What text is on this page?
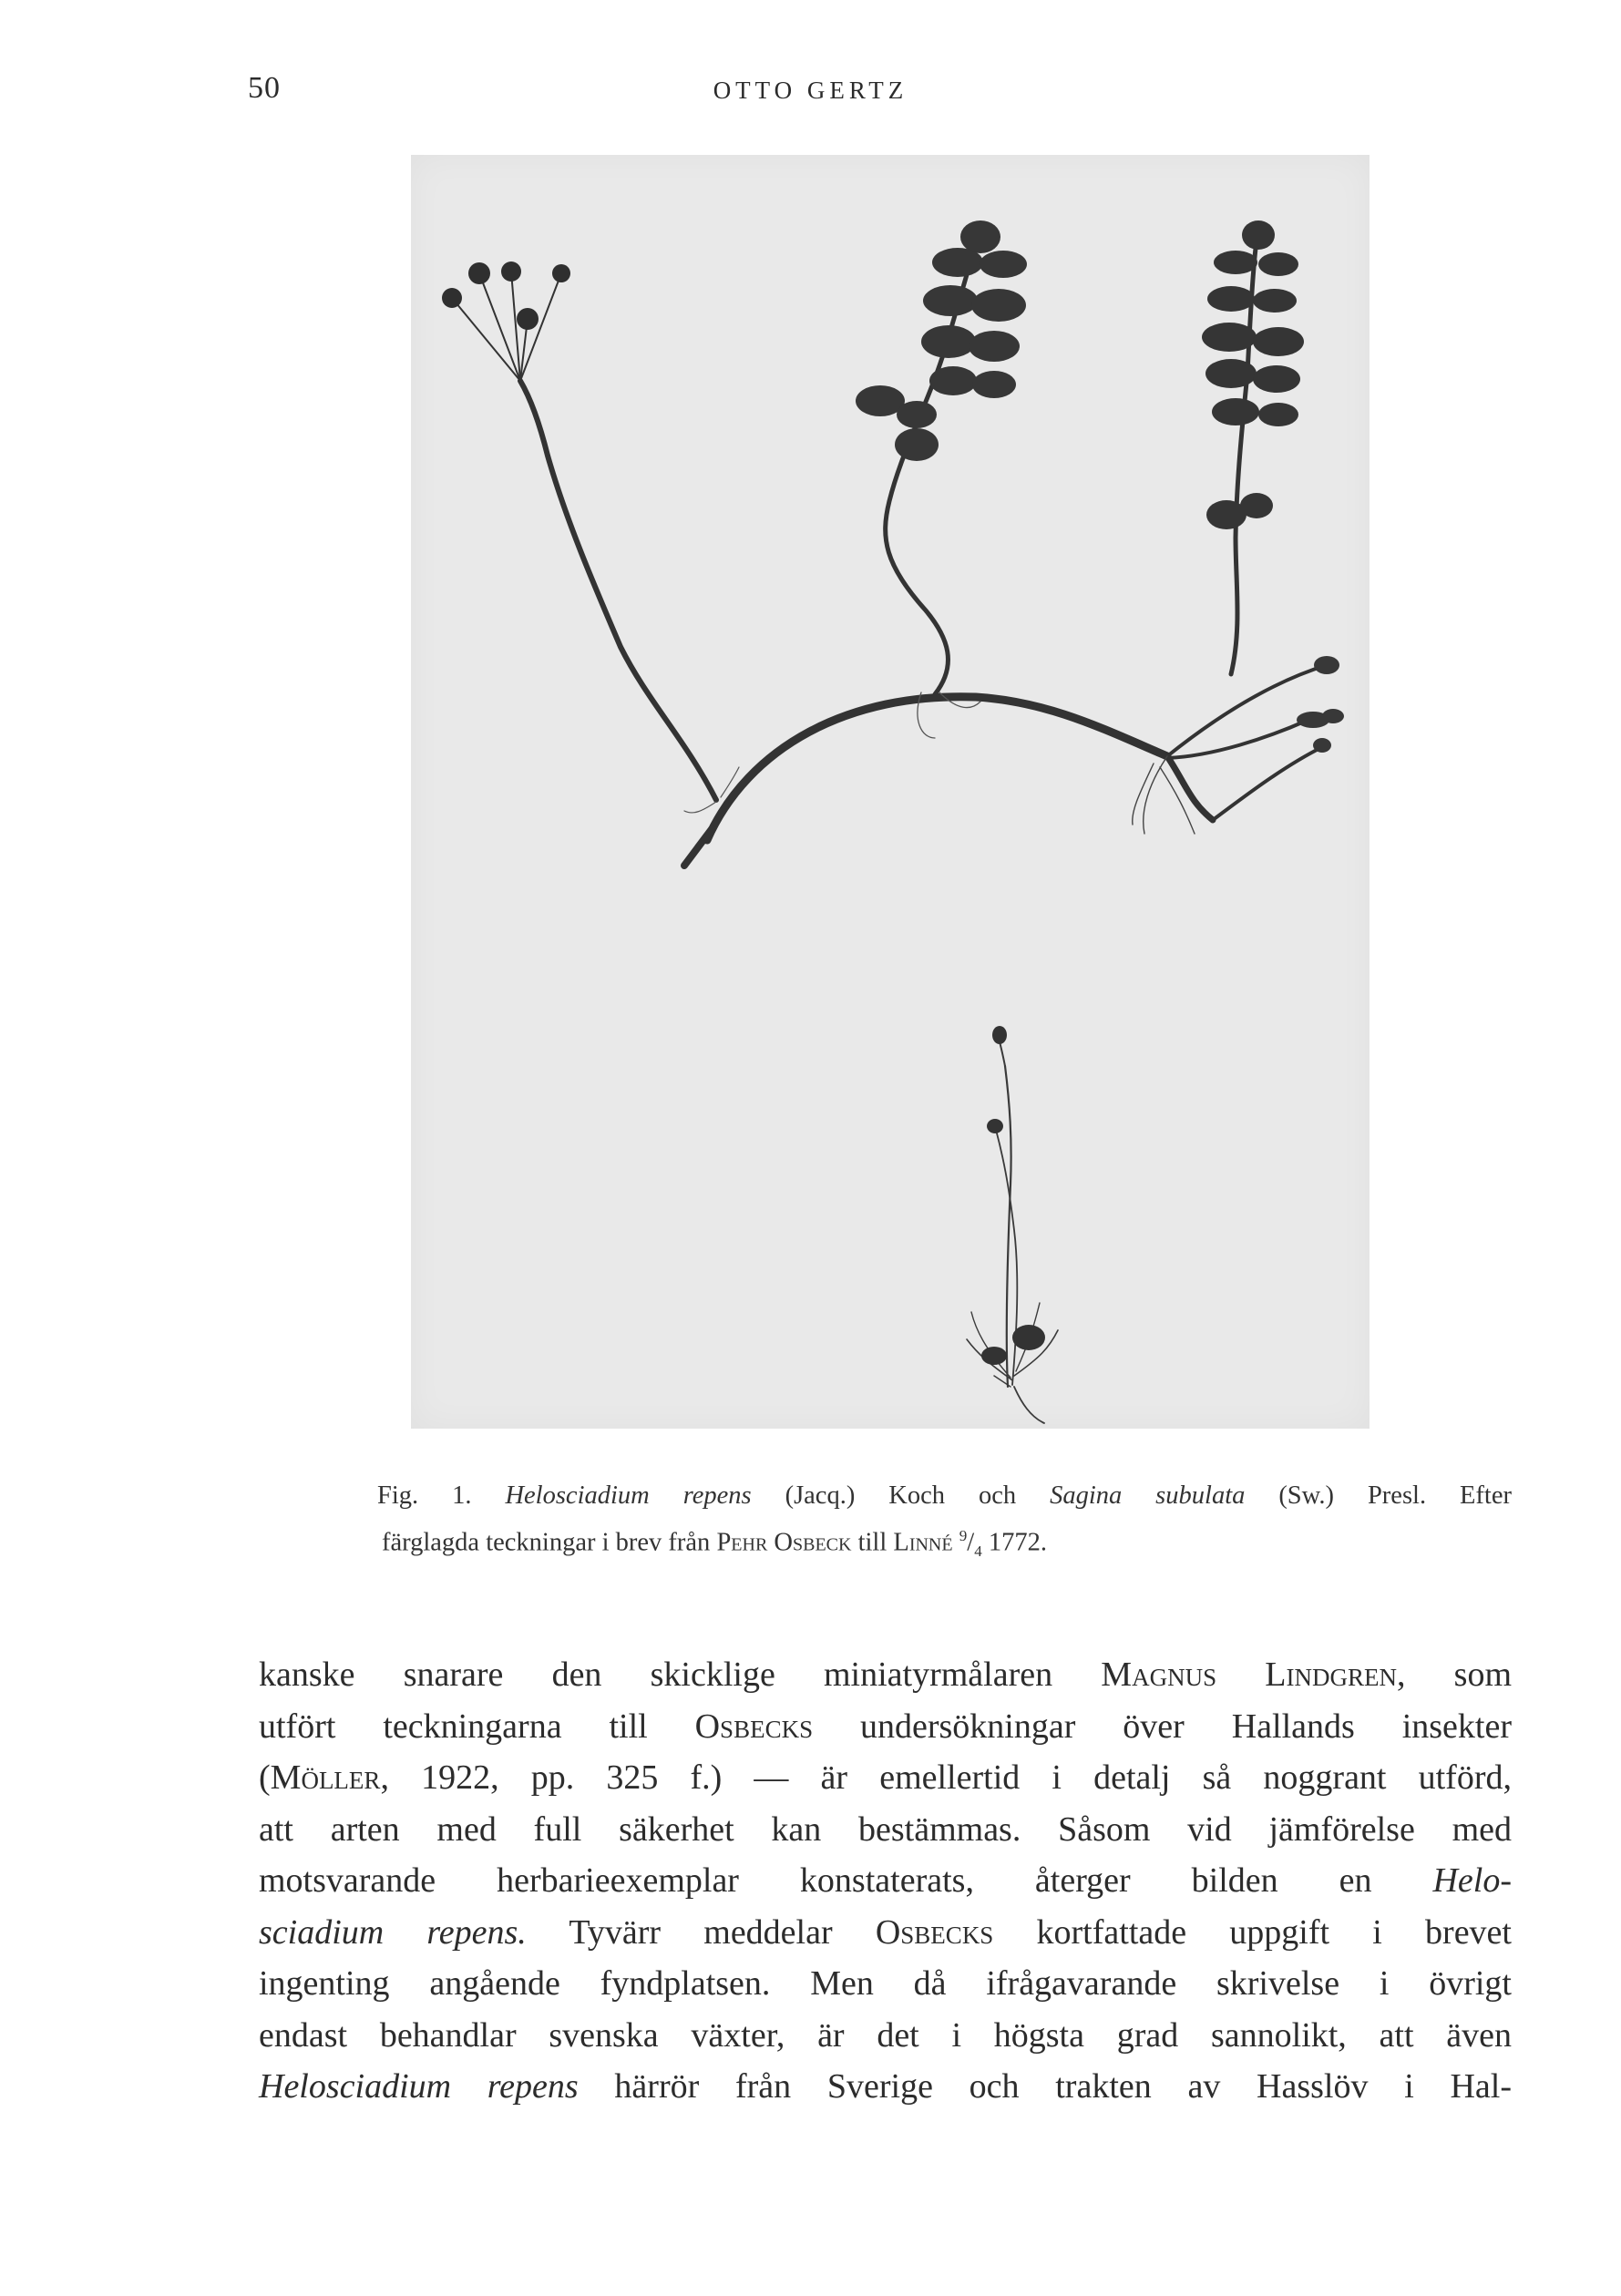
50	OTTO GERTZ

Fig. 1. Helosciadium repens (Jacq.) Koch och Sagina subulata (Sw.) Presl. Efter

färglagda teckningar i brev från Pehr Osbeck till Linné $^9/_4$ 1772.

kanske snarare den skicklige miniatyrmålaren Magnus Lindgren, som
utfört teckningarna till Osbecks undersökningar över Hallands insekter
(Möller, 1922, pp. 325 f.) — är emellertid i detalj så noggrant utförd,
att arten med full säkerhet kan bestämmas. Såsom vid jämförelse med
motsvarande herbarieexemplar konstaterats, återger bilden en Helo-
sciadium repens. Tyvärr meddelar Osbecks kortfattade uppgift i brevet
ingenting angående fyndplatsen. Men då ifrågavarande skrivelse i övrigt
endast behandlar svenska växter, är det i högsta grad sannolikt, att även
Helosciadium repens härrör från Sverige och trakten av Hasslöv i Hal-
